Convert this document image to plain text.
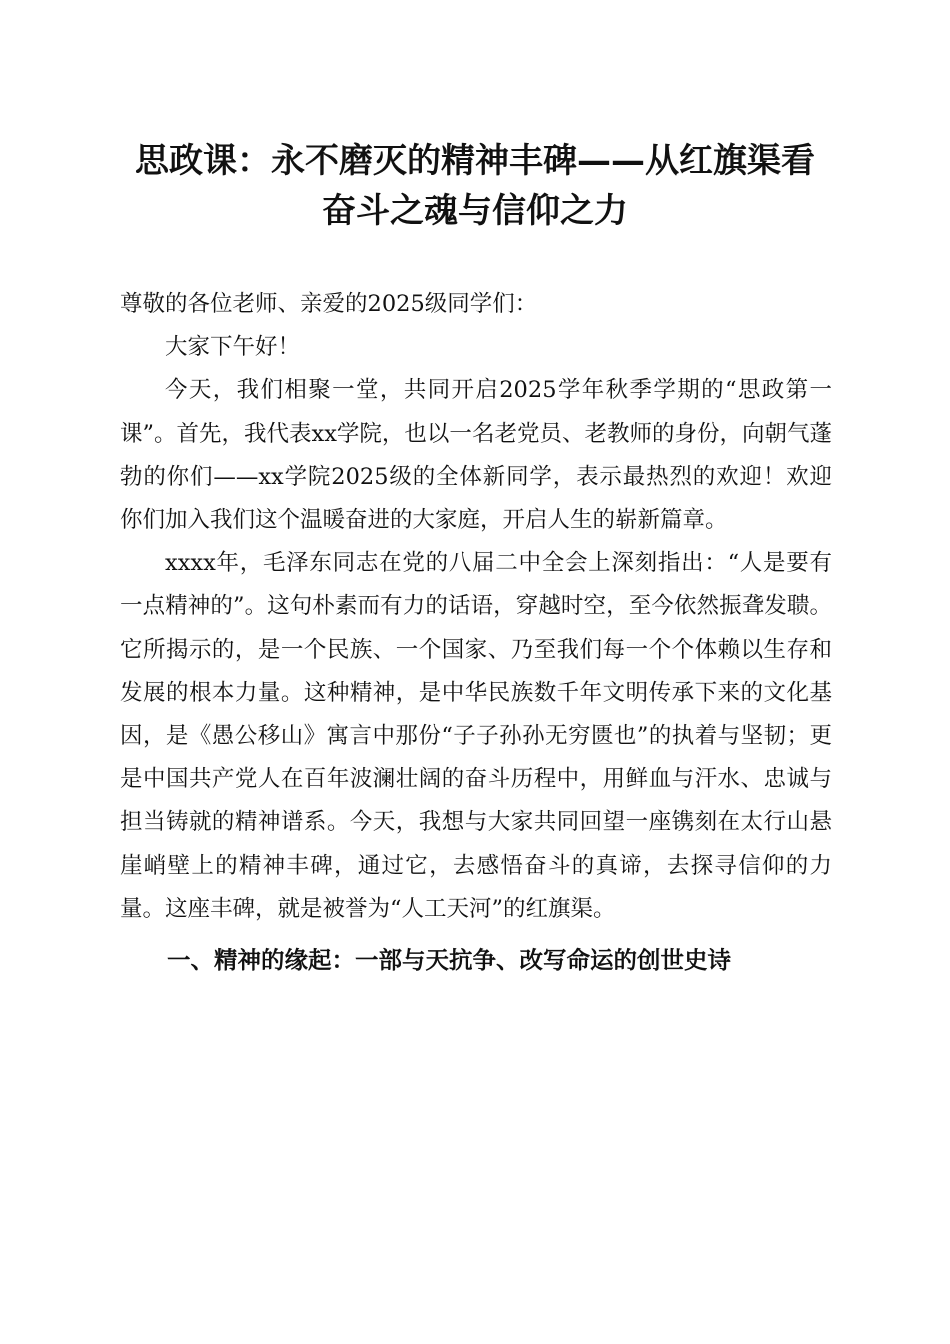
思政课：永不磨灭的精神丰碑——从红旗渠看
奋斗之魂与信仰之力

尊敬的各位老师、亲爱的2025级同学们：

大家下午好！

今天，我们相聚一堂，共同开启2025学年秋季学期的“思政第一课”。首先，我代表xx学院，也以一名老党员、老教师的身份，向朝气蓬勃的你们——xx学院2025级的全体新同学，表示最热烈的欢迎！欢迎你们加入我们这个温暖奋进的大家庭，开启人生的崭新篇章。

xxxx年，毛泽东同志在党的八届二中全会上深刻指出：“人是要有一点精神的”。这句朴素而有力的话语，穿越时空，至今依然振聋发聩。它所揭示的，是一个民族、一个国家、乃至我们每一个个体赖以生存和发展的根本力量。这种精神，是中华民族数千年文明传承下来的文化基因，是《愚公移山》寓言中那份“子子孙孙无穷匮也”的执着与坚韧；更是中国共产党人在百年波澜壮阔的奋斗历程中，用鲜血与汗水、忠诚与担当铸就的精神谱系。今天，我想与大家共同回望一座镌刻在太行山悬崖峭壁上的精神丰碑，通过它，去感悟奋斗的真谛，去探寻信仰的力量。这座丰碑，就是被誉为“人工天河”的红旗渠。

一、精神的缘起：一部与天抗争、改写命运的创世史诗
